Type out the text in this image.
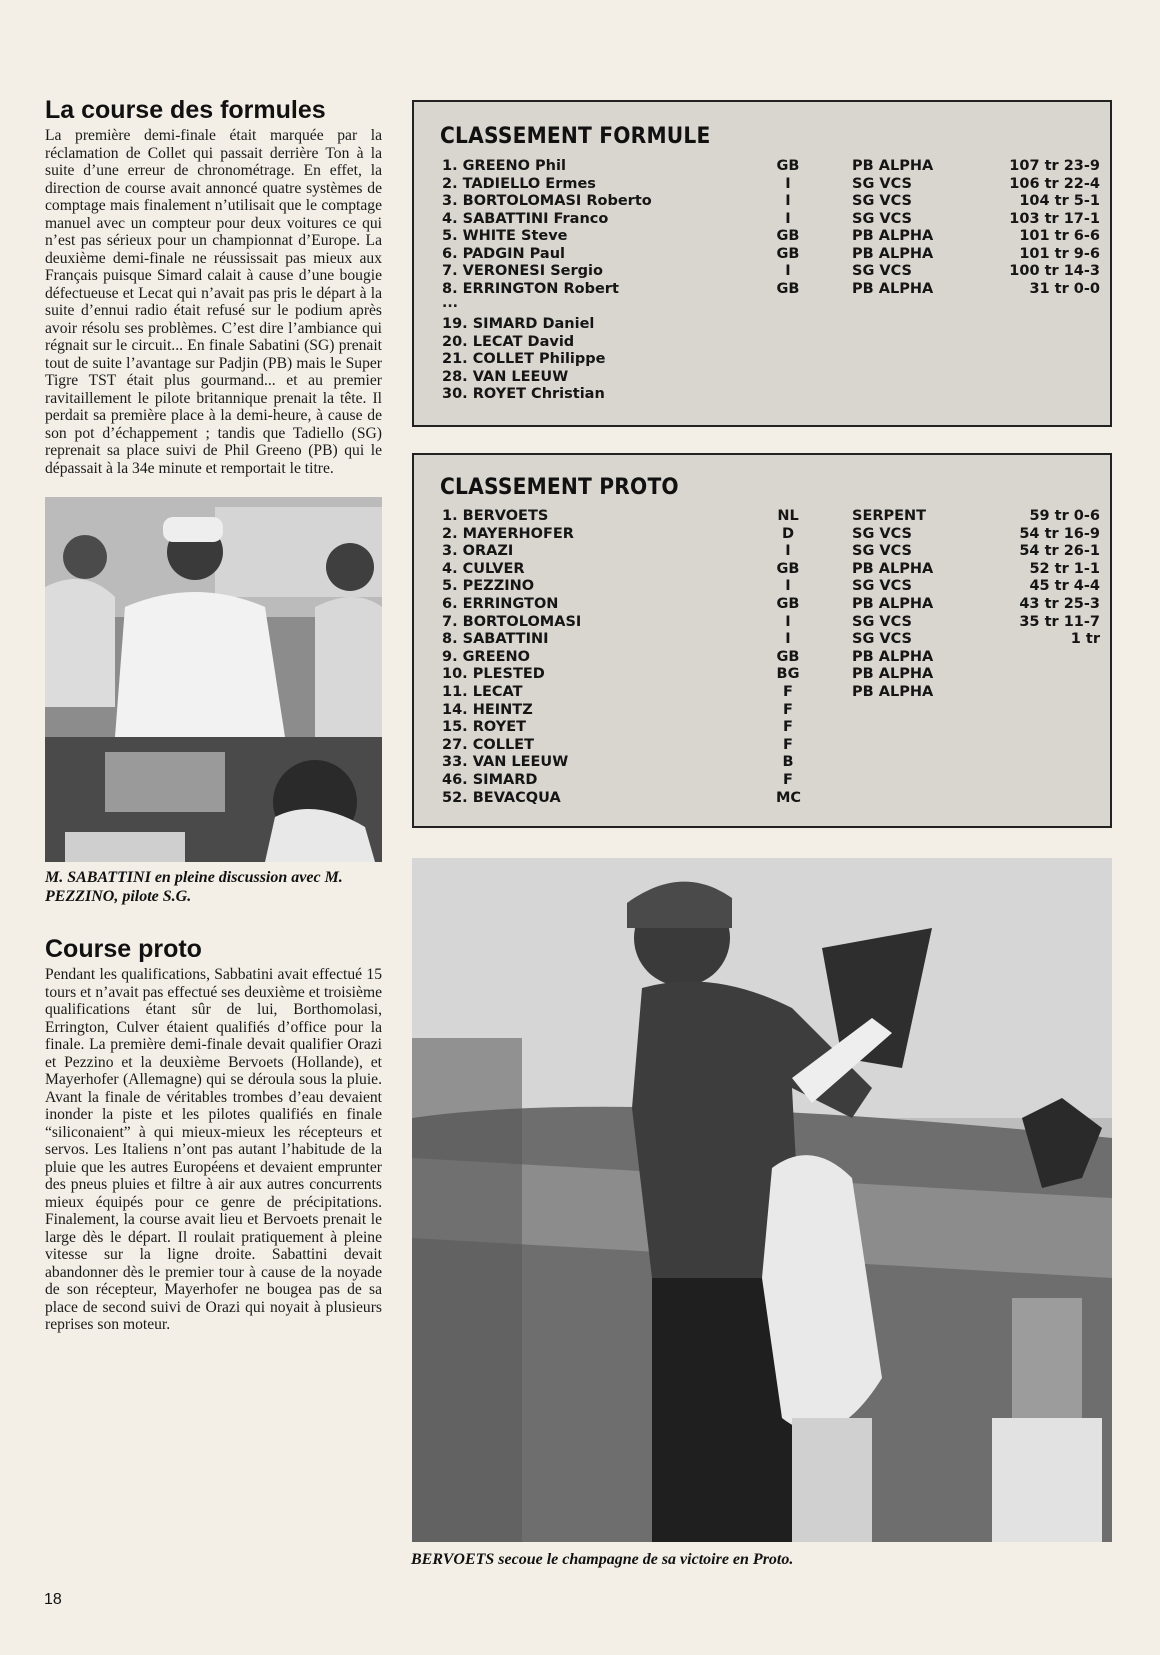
La course des formules

La première demi-finale était marquée par la réclamation de Collet qui passait derrière Ton à la suite d’une erreur de chronométrage. En effet, la direction de course avait annoncé quatre systèmes de comptage mais finalement n’utilisait que le comptage manuel avec un compteur pour deux voitures ce qui n’est pas sérieux pour un championnat d’Europe. La deuxième demi-finale ne réussissait pas mieux aux Français puisque Simard calait à cause d’une bougie défectueuse et Lecat qui n’avait pas pris le départ à la suite d’ennui radio était refusé sur le podium après avoir résolu ses problèmes. C’est dire l’ambiance qui régnait sur le circuit... En finale Sabatini (SG) prenait tout de suite l’avantage sur Padjin (PB) mais le Super Tigre TST était plus gourmand... et au premier ravitaillement le pilote britannique prenait la tête. Il perdait sa première place à la demi-heure, à cause de son pot d’échappement ; tandis que Tadiello (SG) reprenait sa place suivi de Phil Greeno (PB) qui le dépassait à la 34e minute et remportait le titre.

M. SABATTINI en pleine discussion avec M. PEZZINO, pilote S.G.
Course proto

Pendant les qualifications, Sabbatini avait effectué 15 tours et n’avait pas effectué ses deuxième et troisième qualifications étant sûr de lui, Borthomolasi, Errington, Culver étaient qualifiés d’office pour la finale. La première demi-finale devait qualifier Orazi et Pezzino et la deuxième Bervoets (Hollande), et Mayerhofer (Allemagne) qui se déroula sous la pluie. Avant la finale de véritables trombes d’eau devaient inonder la piste et les pilotes qualifiés en finale “siliconaient” à qui mieux-mieux les récepteurs et servos. Les Italiens n’ont pas autant l’habitude de la pluie que les autres Européens et devaient emprunter des pneus pluies et filtre à air aux autres concurrents mieux équipés pour ce genre de précipitations. Finalement, la course avait lieu et Bervoets prenait le large dès le départ. Il roulait pratiquement à pleine vitesse sur la ligne droite. Sabattini devait abandonner dès le premier tour à cause de la noyade de son récepteur, Mayerhofer ne bougea pas de sa place de second suivi de Orazi qui noyait à plusieurs reprises son moteur.

18
CLASSEMENT FORMULE
1. GREENO Phil	GB	PB ALPHA	107 tr 23-9
2. TADIELLO Ermes	I	SG VCS	106 tr 22-4
3. BORTOLOMASI Roberto	I	SG VCS	104 tr 5-1
4. SABATTINI Franco	I	SG VCS	103 tr 17-1
5. WHITE Steve	GB	PB ALPHA	101 tr 6-6
6. PADGIN Paul	GB	PB ALPHA	101 tr 9-6
7. VERONESI Sergio	I	SG VCS	100 tr 14-3
8. ERRINGTON Robert	GB	PB ALPHA	31 tr 0-0
...
19. SIMARD Daniel
20. LECAT David
21. COLLET Philippe
28. VAN LEEUW
30. ROYET Christian
CLASSEMENT PROTO
1. BERVOETS	NL	SERPENT	59 tr 0-6
2. MAYERHOFER	D	SG VCS	54 tr 16-9
3. ORAZI	I	SG VCS	54 tr 26-1
4. CULVER	GB	PB ALPHA	52 tr 1-1
5. PEZZINO	I	SG VCS	45 tr 4-4
6. ERRINGTON	GB	PB ALPHA	43 tr 25-3
7. BORTOLOMASI	I	SG VCS	35 tr 11-7
8. SABATTINI	I	SG VCS	1 tr
9. GREENO	GB	PB ALPHA
10. PLESTED	BG	PB ALPHA
11. LECAT	F	PB ALPHA
14. HEINTZ	F
15. ROYET	F
27. COLLET	F
33. VAN LEEUW	B
46. SIMARD	F
52. BEVACQUA	MC
BERVOETS secoue le champagne de sa victoire en Proto.
